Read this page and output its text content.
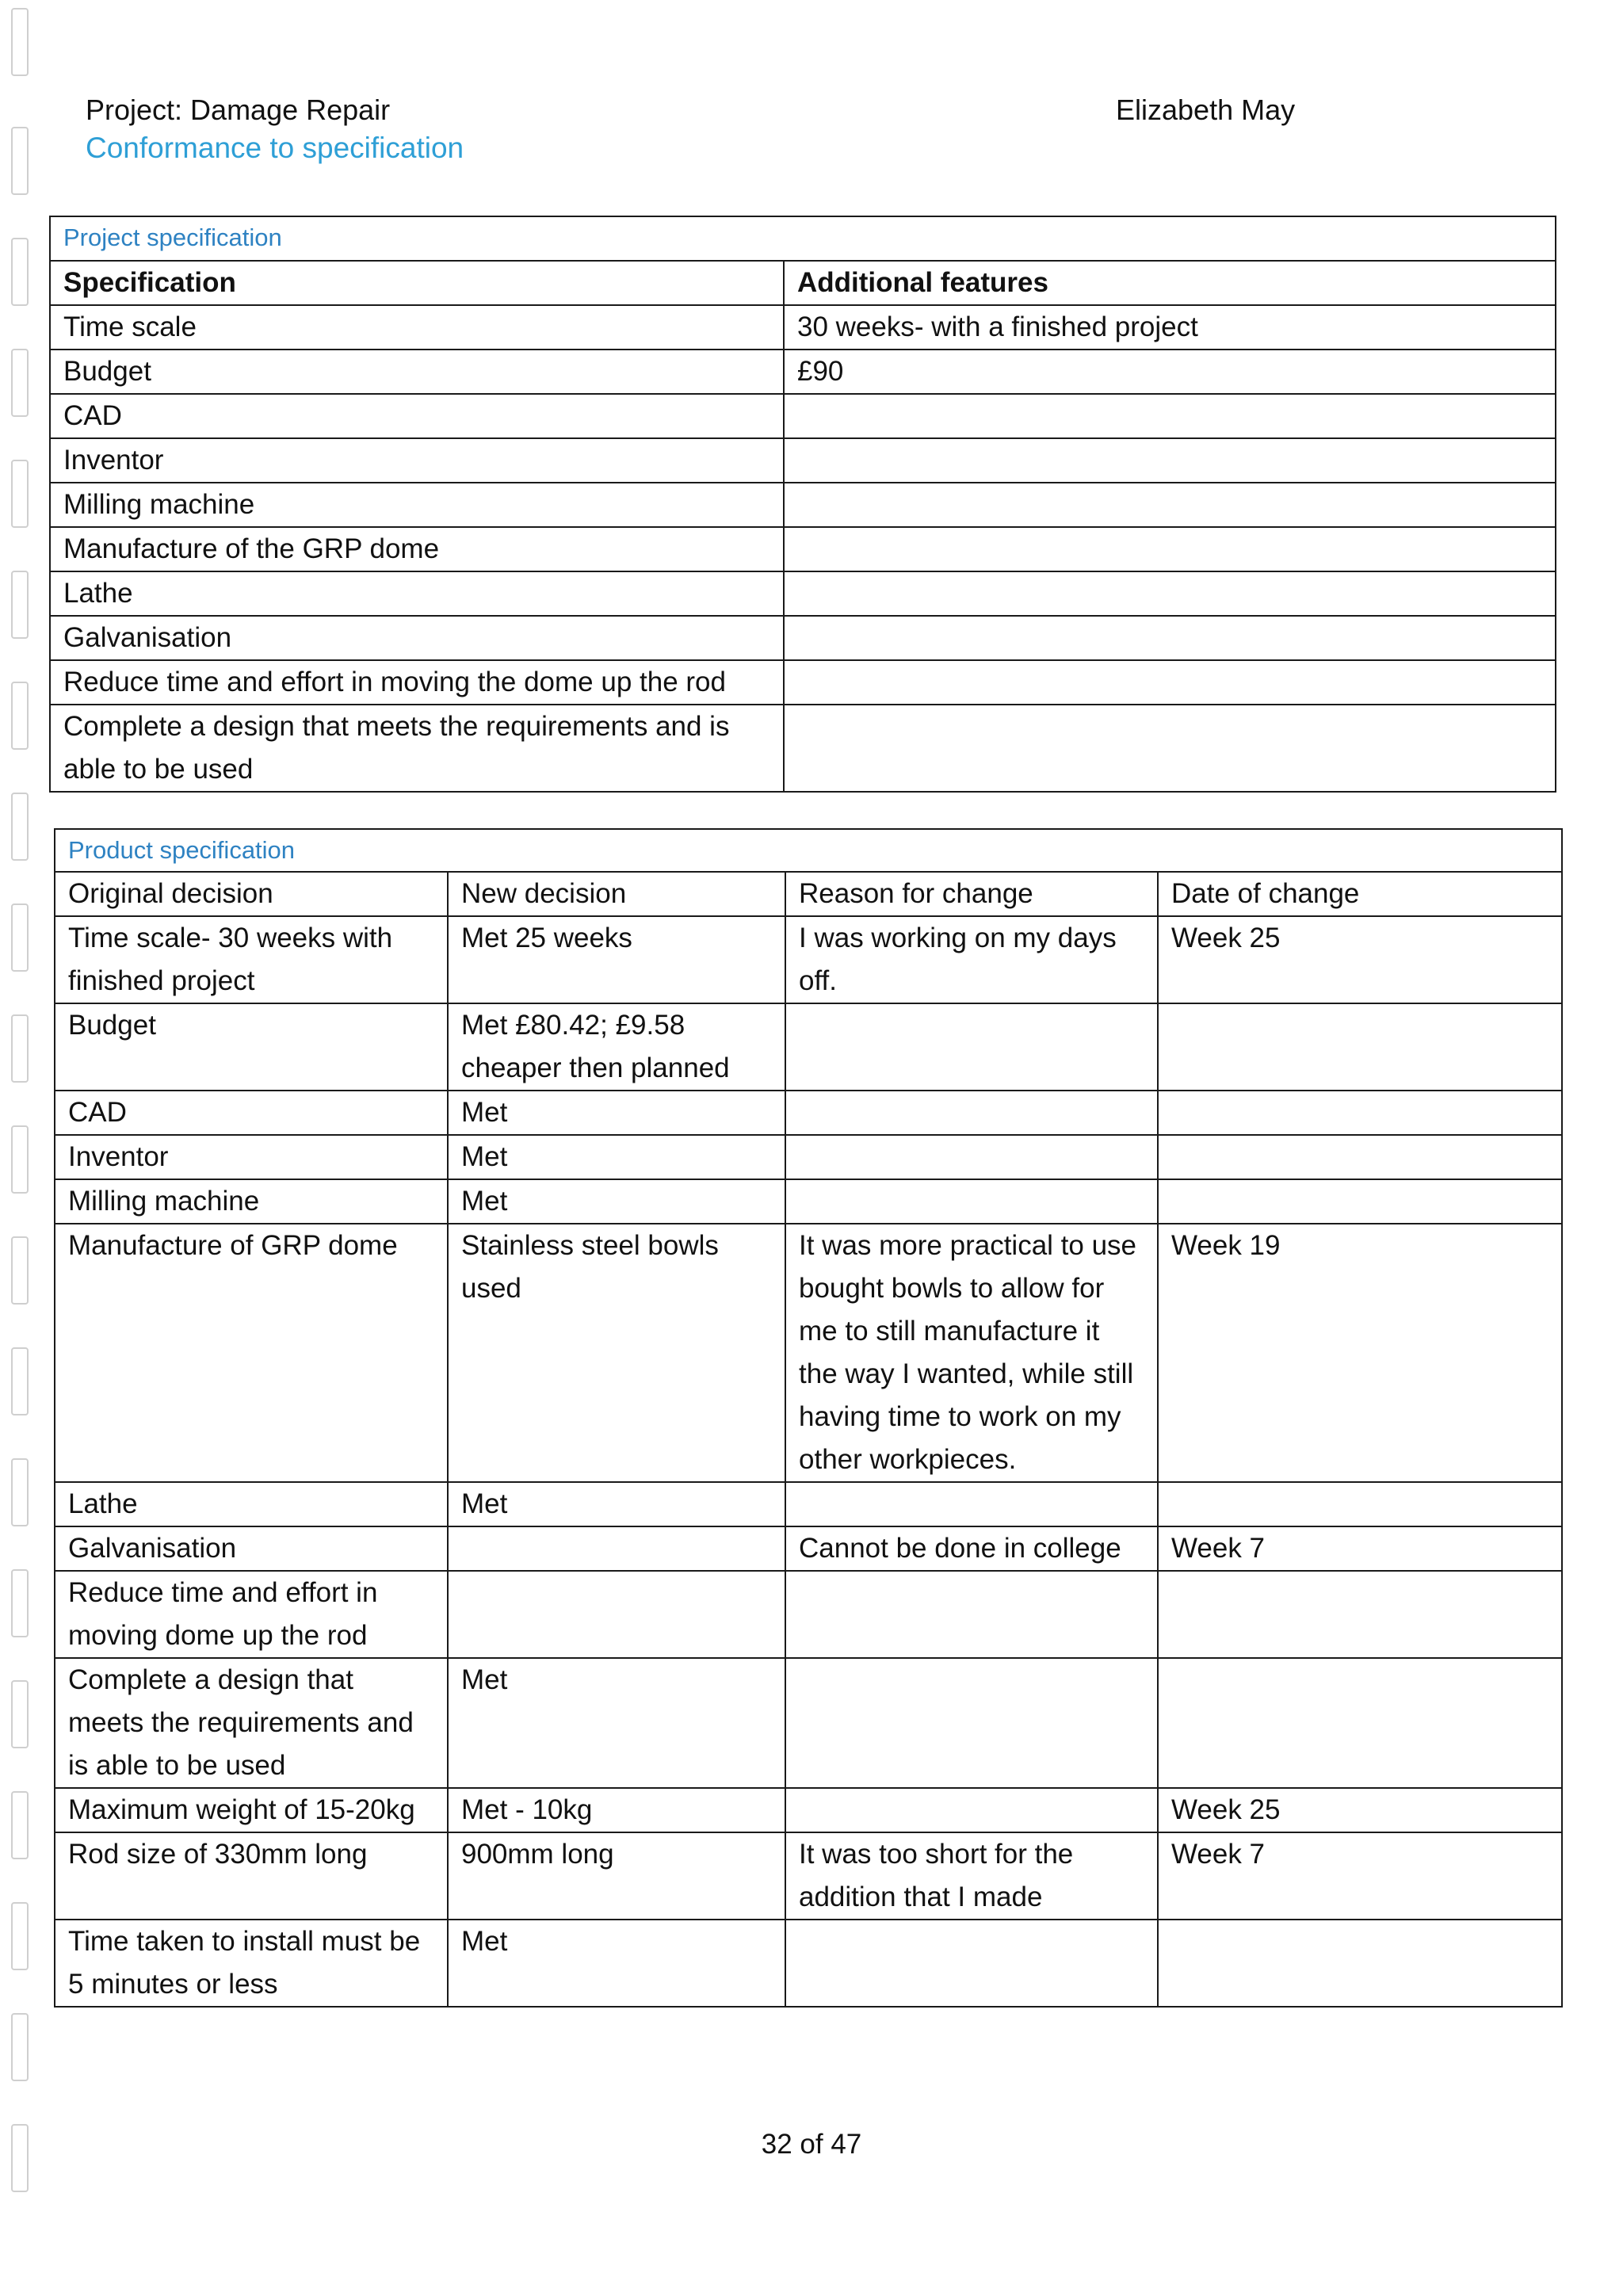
Project: Damage Repair
Conformance to specification
Elizabeth May
Project specification	
Specification	Additional features
Time scale	30 weeks- with a finished project
Budget	£90
CAD	
Inventor	
Milling machine	
Manufacture of the GRP dome	
Lathe	
Galvanisation	
Reduce time and effort in moving the dome up the rod	
Complete a design that meets the requirements and is able to be used	
Product specification			
Original decision	New decision	Reason for change	Date of change
Time scale- 30 weeks with finished project	Met 25 weeks	I was working on my days off.	Week 25
Budget	Met £80.42; £9.58 cheaper then planned		
CAD	Met		
Inventor	Met		
Milling machine	Met		
Manufacture of GRP dome	Stainless steel bowls used	It was more practical to use bought bowls to allow for me to still manufacture it the way I wanted, while still having time to work on my other workpieces.	Week 19
Lathe	Met		
Galvanisation		Cannot be done in college	Week 7
Reduce time and effort in moving dome up the rod			
Complete a design that meets the requirements and is able to be used	Met		
Maximum weight of 15-20kg	Met - 10kg		Week 25
Rod size of 330mm long	900mm long	It was too short for the addition that I made	Week 7
Time taken to install must be 5 minutes or less	Met		
32 of 47
